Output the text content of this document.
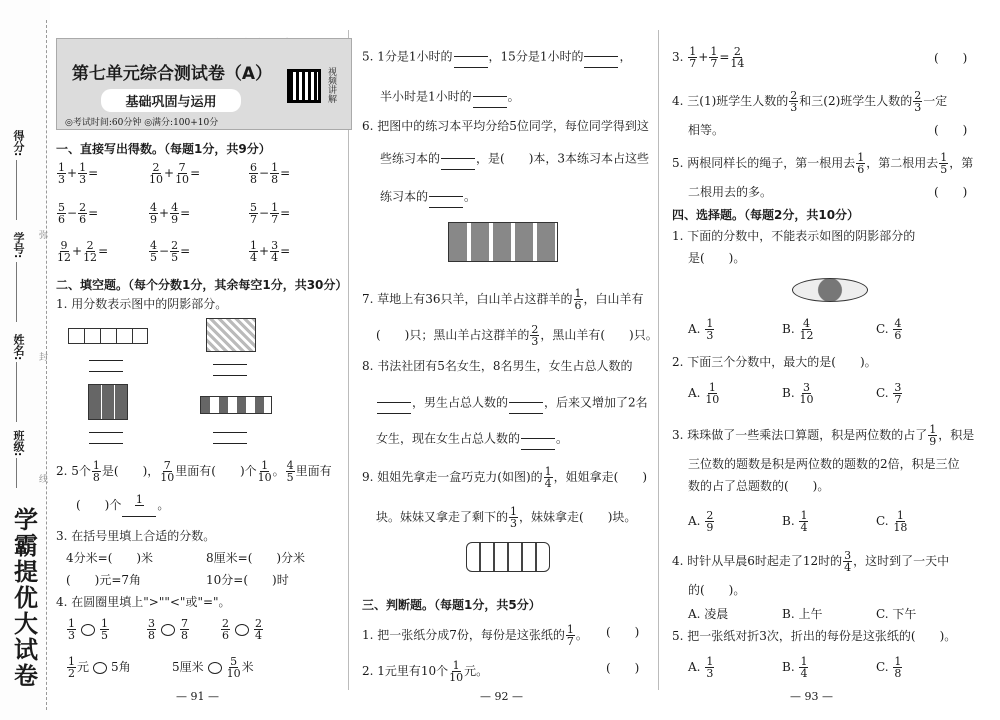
得分:
学号:
姓名:
班级:
弥
封
线
学霸提优大试卷
第七单元综合测试卷（A）
基础巩固与运用
◎考试时间:60分钟 ◎满分:100+10分
视频讲解
一、直接写出得数。（每题1分，共9分）
$\frac{1}{3} + \frac{1}{3}$ =	$\frac{2}{10} + \frac{7}{10}$ =	$\frac{6}{8} - \frac{1}{8}$ =
$\frac{5}{6} - \frac{2}{6}$ =	$\frac{4}{9} + \frac{4}{9}$ =	$\frac{5}{7} - \frac{1}{7}$ =
$\frac{9}{12} + \frac{2}{12}$ =	$\frac{4}{5} - \frac{2}{5}$ =	$\frac{1}{4} + \frac{3}{4}$ =
二、填空题。（每个分数1分，其余每空1分，共30分）
1. 用分数表示图中的阴影部分。
2. 5个 $\frac{1}{8}$ 是(　　)， $\frac{7}{10}$ 里面有(　　)个 $\frac{1}{10}$ 。 $\frac{4}{5}$ 里面有
(　　)个 1 。
3. 在括号里填上合适的分数。
4分米=(　　)米	8厘米=(　　)分米
(　　)元=7角	10分=(　　)时
4. 在圆圈里填上">""<"或"="。
$\frac{1}{3} \frac{1}{5}$	$\frac{3}{8} \frac{7}{8}$	$\frac{2}{6} \frac{2}{4}$
$\frac{1}{2}$ 元 5角	5厘米 $\frac{5}{10}$ 米
— 91 —
5. 1分是1小时的	，15分是1小时的	，
半小时是1小时的	。
6. 把图中的练习本平均分给5位同学，每位同学得到这
些练习本的	，是(　　)本，3本练习本占这些
练习本的	。
7. 草地上有36只羊，白山羊占这群羊的 $\frac{1}{6}$ ，白山羊有
(　　)只；黑山羊占这群羊的 $\frac{2}{3}$ ，黑山羊有(　　)只。
8. 书法社团有5名女生，8名男生，女生占总人数的
，男生占总人数的	，后来又增加了2名
女生，现在女生占总人数的	。
9. 姐姐先拿走一盒巧克力(如图)的 $\frac{1}{4}$ ，姐姐拿走(　　)
块。妹妹又拿走了剩下的 $\frac{1}{3}$ ，妹妹拿走(　　)块。
三、判断题。（每题1分，共5分）
1. 把一张纸分成7份，每份是这张纸的 $\frac{1}{7}$ 。 (　　)
2. 1元里有10个 $\frac{1}{10}$ 元。	(　　)
— 92 —
3. $\frac{1}{7} + \frac{1}{7} = \frac{2}{14}$	(　　)
4. 三(1)班学生人数的 $\frac{2}{3}$ 和三(2)班学生人数的 $\frac{2}{3}$ 一定
相等。	(　　)
5. 两根同样长的绳子，第一根用去 $\frac{1}{6}$ ，第二根用去 $\frac{1}{5}$ ，第
二根用去的多。	(　　)
四、选择题。（每题2分，共10分）
1. 下面的分数中，不能表示如图的阴影部分的
是(　　)。
A. $\frac{1}{3}$	B. $\frac{4}{12}$	C. $\frac{4}{6}$
2. 下面三个分数中，最大的是(　　)。
A. $\frac{1}{10}$	B. $\frac{3}{10}$	C. $\frac{3}{7}$
3. 珠珠做了一些乘法口算题，积是两位数的占了 $\frac{1}{9}$ ，积是
三位数的题数是积是两位数的题数的2倍，积是三位
数的占了总题数的(　　)。
A. $\frac{2}{9}$	B. $\frac{1}{4}$	C. $\frac{1}{18}$
4. 时针从早晨6时起走了12时的 $\frac{3}{4}$ ，这时到了一天中
的(　　)。
A. 凌晨	B. 上午	C. 下午
5. 把一张纸对折3次，折出的每份是这张纸的(　　)。
A. $\frac{1}{3}$	B. $\frac{1}{4}$	C. $\frac{1}{8}$
— 93 —
